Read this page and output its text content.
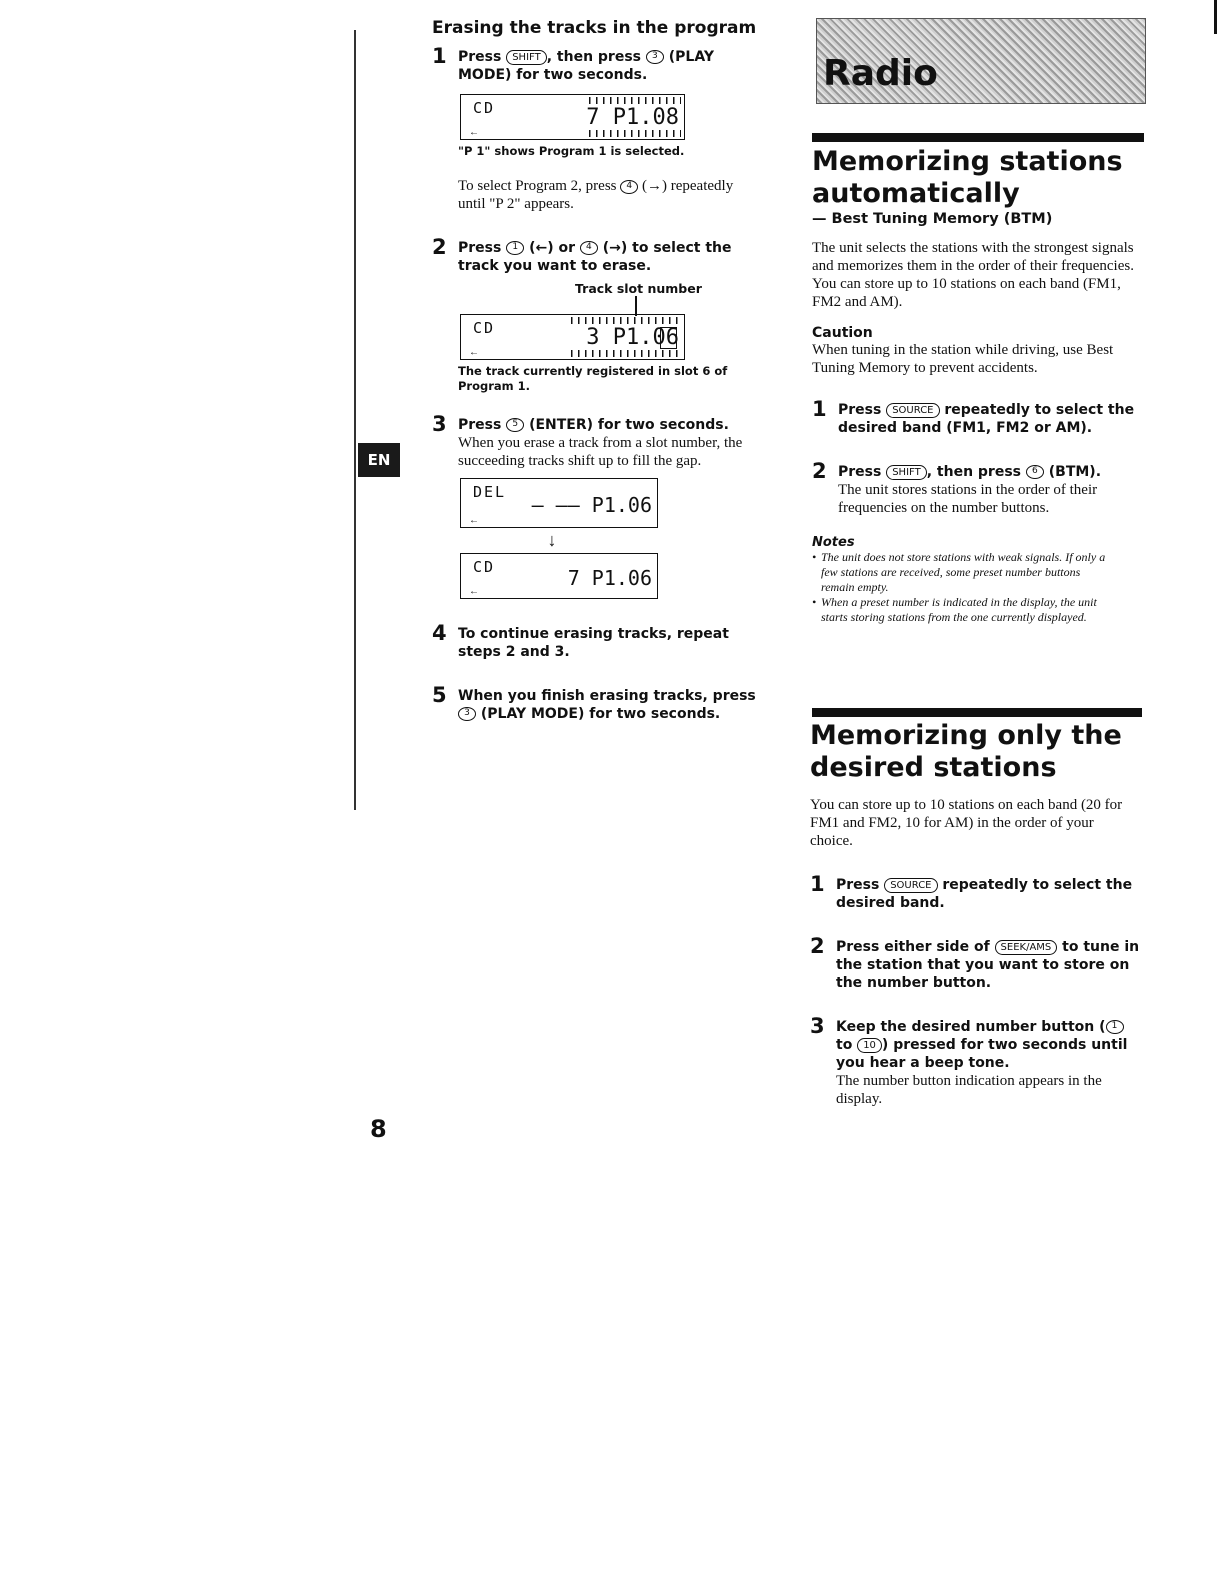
EN
8
Erasing the tracks in the program
1 Press SHIFT , then press 3 (PLAY MODE) for two seconds.
CD	7 P1.08
←
"P 1" shows Program 1 is selected.
To select Program 2, press 4 (→) repeatedly until "P 2" appears.
2 Press 1 (←) or 4 (→) to select the track you want to erase.
Track slot number
CD	3 P1.06
←
The track currently registered in slot 6 of Program 1.
3 Press 5 (ENTER) for two seconds.
When you erase a track from a slot number, the succeeding tracks shift up to fill the gap.
DEL
– –– P1.06
←
↓
CD	7 P1.06
←
4 To continue erasing tracks, repeat steps 2 and 3.
5 When you finish erasing tracks, press 3 (PLAY MODE) for two seconds.
Radio
Memorizing stations automatically
— Best Tuning Memory (BTM)
The unit selects the stations with the strongest signals and memorizes them in the order of their frequencies. You can store up to 10 stations on each band (FM1, FM2 and AM).
Caution
When tuning in the station while driving, use Best Tuning Memory to prevent accidents.
1 Press SOURCE repeatedly to select the desired band (FM1, FM2 or AM).
2 Press SHIFT , then press 6 (BTM).
The unit stores stations in the order of their frequencies on the number buttons.
Notes
• The unit does not store stations with weak signals. If only a few stations are received, some preset number buttons remain empty.
• When a preset number is indicated in the display, the unit starts storing stations from the one currently displayed.
Memorizing only the desired stations
You can store up to 10 stations on each band (20 for FM1 and FM2, 10 for AM) in the order of your choice.
1 Press SOURCE repeatedly to select the desired band.
2 Press either side of SEEK/AMS to tune in the station that you want to store on the number button.
3 Keep the desired number button ( 1 to 10 ) pressed for two seconds until you hear a beep tone.
The number button indication appears in the display.
